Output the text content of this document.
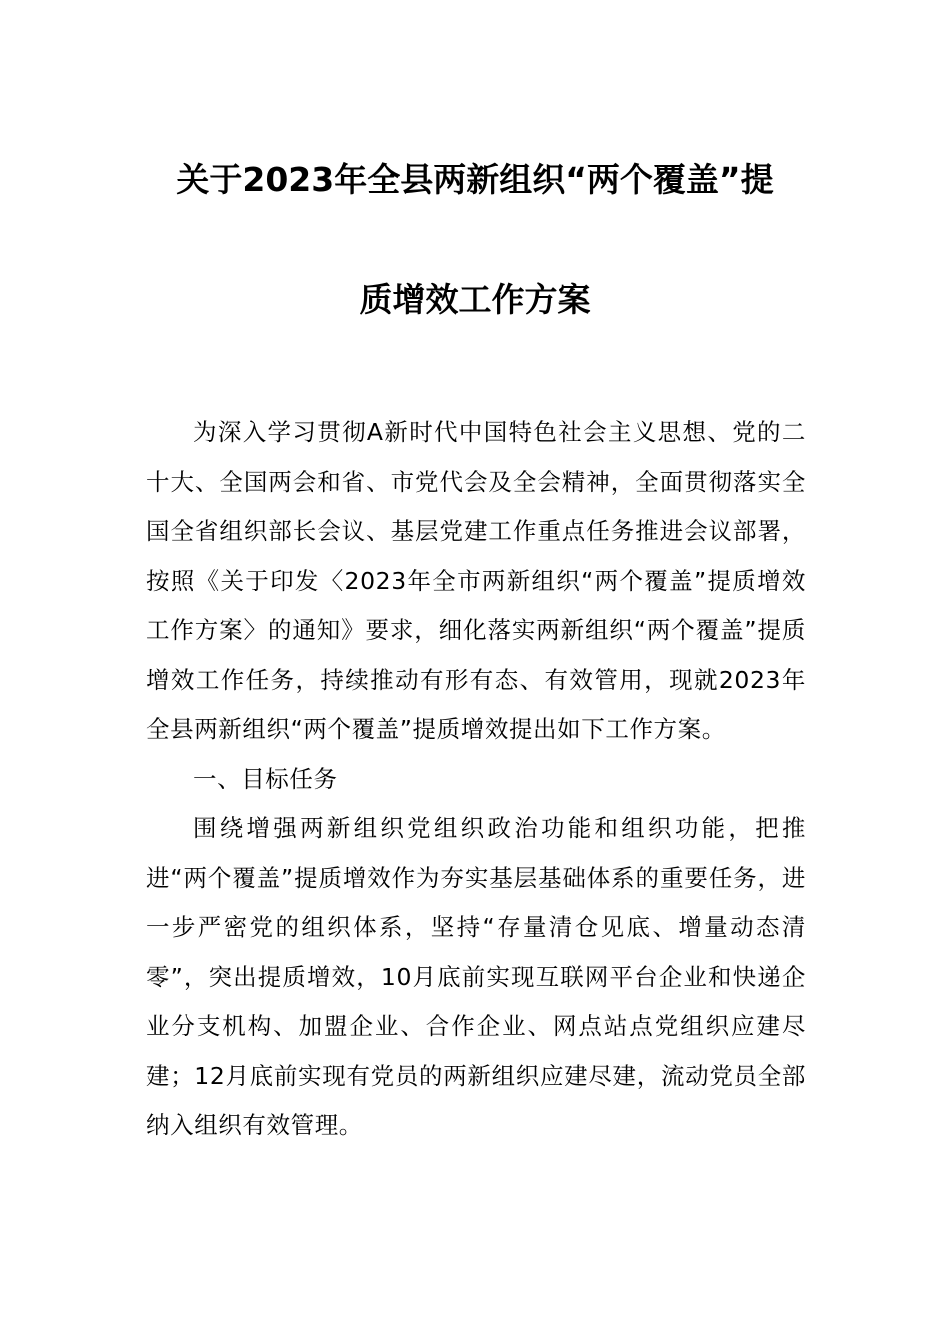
关于2023年全县两新组织“两个覆盖”提
质增效工作方案

为深入学习贯彻A新时代中国特色社会主义思想、党的二十大、全国两会和省、市党代会及全会精神，全面贯彻落实全国全省组织部长会议、基层党建工作重点任务推进会议部署，按照《关于印发〈2023年全市两新组织“两个覆盖”提质增效工作方案〉的通知》要求，细化落实两新组织“两个覆盖”提质增效工作任务，持续推动有形有态、有效管用，现就2023年全县两新组织“两个覆盖”提质增效提出如下工作方案。

一、目标任务

围绕增强两新组织党组织政治功能和组织功能，把推进“两个覆盖”提质增效作为夯实基层基础体系的重要任务，进一步严密党的组织体系，坚持“存量清仓见底、增量动态清零”，突出提质增效，10月底前实现互联网平台企业和快递企业分支机构、加盟企业、合作企业、网点站点党组织应建尽建；12月底前实现有党员的两新组织应建尽建，流动党员全部纳入组织有效管理。
